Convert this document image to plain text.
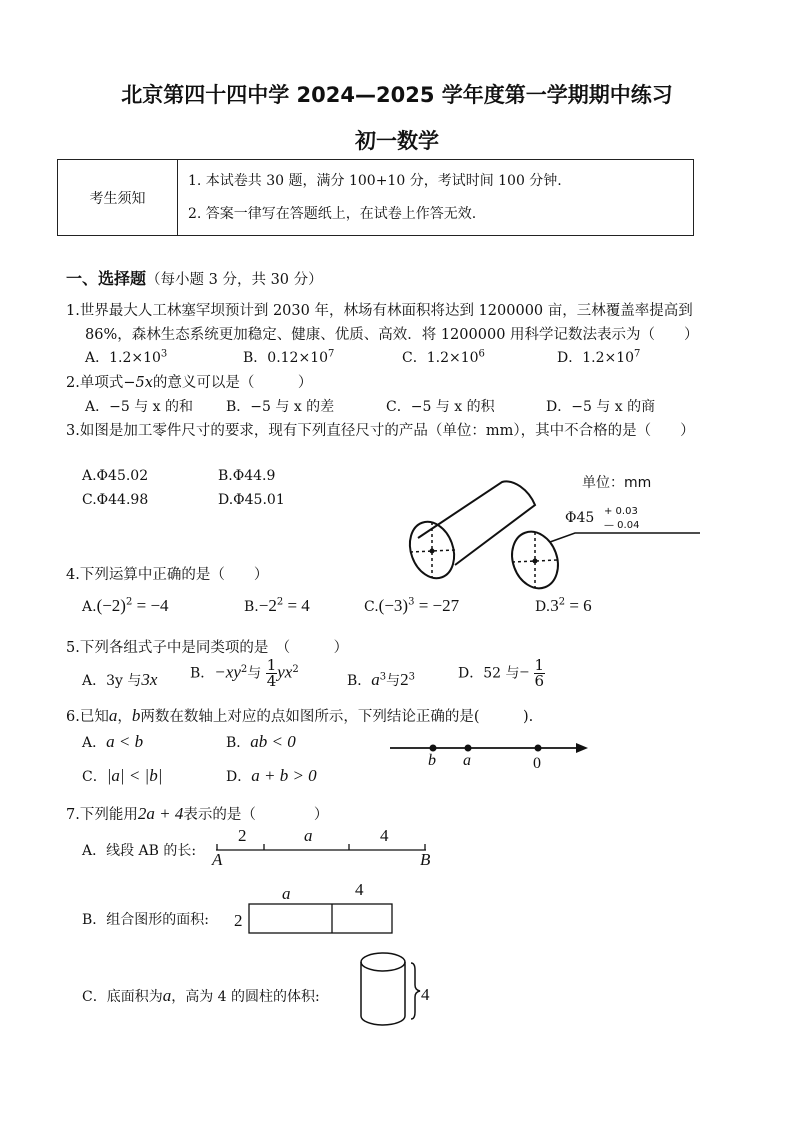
北京第四十四中学 2024—2025 学年度第一学期期中练习
初一数学
考生须知	
1. 本试卷共 30 题，满分 100+10 分，考试时间 100 分钟.
2. 答案一律写在答题纸上，在试卷上作答无效.
一、选择题（每小题 3 分，共 30 分）
1.世界最大人工林塞罕坝预计到 2030 年，林场有林面积将达到 1200000 亩，三林覆盖率提高到
86%，森林生态系统更加稳定、健康、优质、高效．将 1200000 用科学记数法表示为（　　）
A．$1.2\times 10^3$	B．$0.12\times 10^7$	C．$1.2\times 10^6$	D．$1.2\times 10^7$
2.单项式−5x的意义可以是（　　　）
A．−5 与 x 的和 B．−5 与 x 的差	C．−5 与 x 的积	D．−5 与 x 的商
3.如图是加工零件尺寸的要求，现有下列直径尺寸的产品（单位：mm），其中不合格的是（　　）
A.Φ45.02	B.Φ44.9
C.Φ44.98	D.Φ45.01
单位：mm
Φ45 + 0.03
— 0.04
4.下列运算中正确的是（　　）
$A.(-2)^2 = -4$	$B.-2^2 = 4$	$C.(-3)^3 = -27$	$D.3^2 = 6$
5.下列各组式子中是同类项的是　（　　　）
A．3y 与3x B．$-xy^2$与 $\frac{1}{4} yx^2$
B．$a^3$与$2^3$	D．52 与− $\frac{1}{6}$
6.已知a，b两数在数轴上对应的点如图所示，下列结论正确的是(　　　).
A．a < b	B．ab < 0
C．|a| < |b|	D．a + b > 0
b a	0
7.下列能用2a + 4表示的是（　　　　）
A．线段 AB 的长:
2	a	4
A	B
B．组合图形的面积:
a	4
2
C．底面积为a，高为 4 的圆柱的体积:	4
